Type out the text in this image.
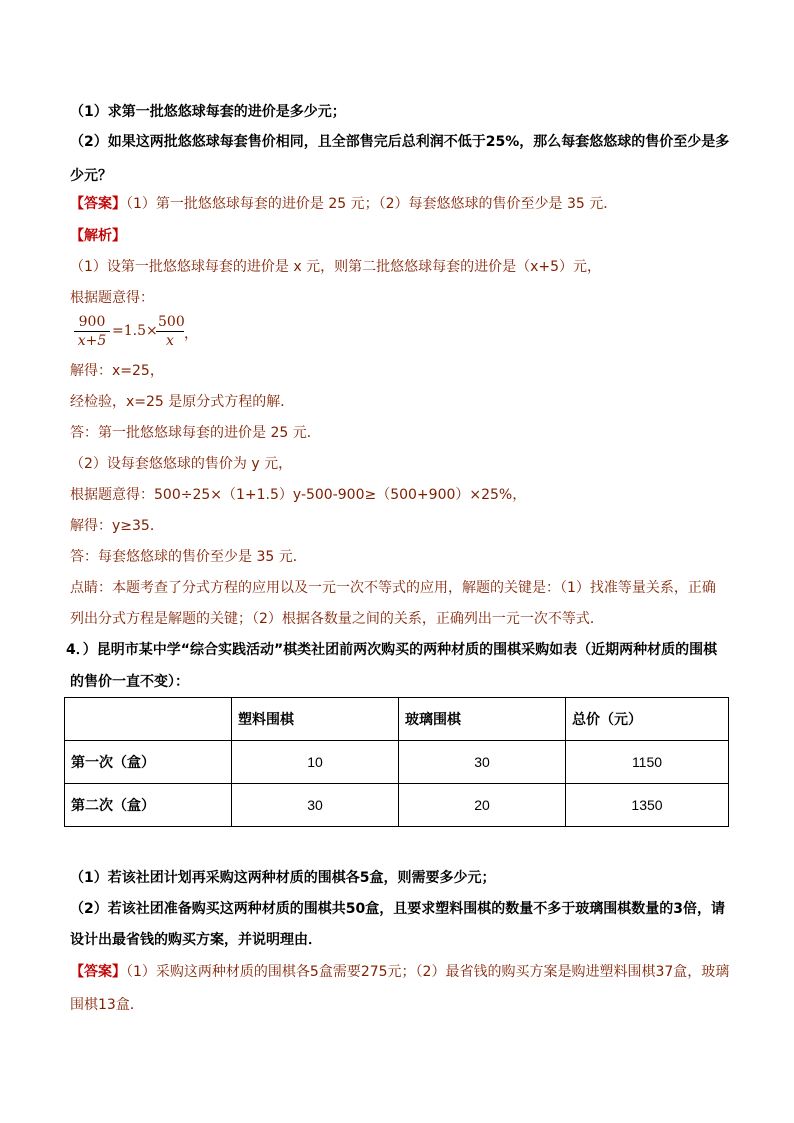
（1）求第一批悠悠球每套的进价是多少元；
（2）如果这两批悠悠球每套售价相同，且全部售完后总利润不低于25%，那么每套悠悠球的售价至少是多
少元？
【答案】（1）第一批悠悠球每套的进价是 25 元；（2）每套悠悠球的售价至少是 35 元．
【解析】
（1）设第一批悠悠球每套的进价是 x 元，则第二批悠悠球每套的进价是（x+5）元，
根据题意得：
$\frac{900}{x+5} =1.5\times$
$\frac{500}{x}$ ，
解得：x=25，
经检验，x=25 是原分式方程的解．
答：第一批悠悠球每套的进价是 25 元．
（2）设每套悠悠球的售价为 y 元，
根据题意得：500÷25×（1+1.5）y-500-900≥（500+900）×25%，
解得：y≥35．
答：每套悠悠球的售价至少是 35 元．
点睛：本题考查了分式方程的应用以及一元一次不等式的应用，解题的关键是：（1）找准等量关系，正确
列出分式方程是解题的关键；（2）根据各数量之间的关系，正确列出一元一次不等式．
4．）昆明市某中学“综合实践活动”棋类社团前两次购买的两种材质的围棋采购如表（近期两种材质的围棋
的售价一直不变）：
	塑料围棋	玻璃围棋	总价（元）
第一次（盒）	10	30	1150
第二次（盒）	30	20	1350
（1）若该社团计划再采购这两种材质的围棋各5盒，则需要多少元；
（2）若该社团准备购买这两种材质的围棋共50盒，且要求塑料围棋的数量不多于玻璃围棋数量的3倍，请
设计出最省钱的购买方案，并说明理由．
【答案】（1）采购这两种材质的围棋各5盒需要275元；（2）最省钱的购买方案是购进塑料围棋37盒，玻璃
围棋13盒．
